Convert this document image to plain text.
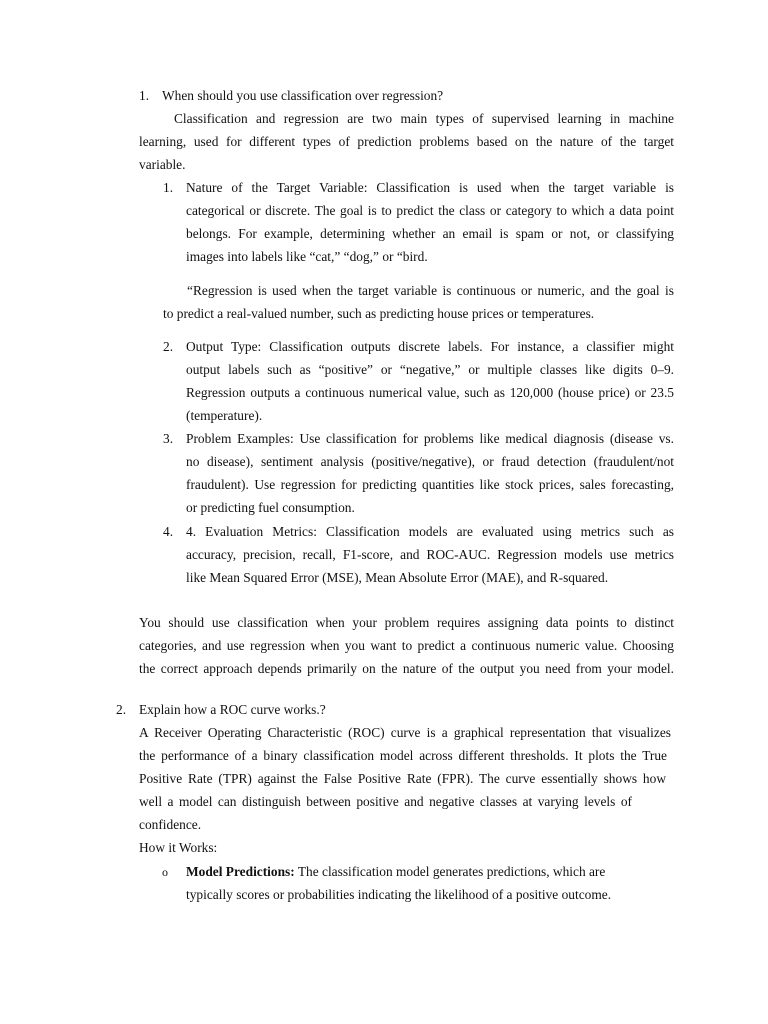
1. When should you use classification over regression?
Classification and regression are two main types of supervised learning in machine
learning, used for different types of prediction problems based on the nature of the target
variable.
1. Nature of the Target Variable: Classification is used when the target variable is
categorical or discrete. The goal is to predict the class or category to which a data point
belongs. For example, determining whether an email is spam or not, or classifying
images into labels like “cat,” “dog,” or “bird.
“Regression is used when the target variable is continuous or numeric, and the goal is
to predict a real-valued number, such as predicting house prices or temperatures.
2. Output Type: Classification outputs discrete labels. For instance, a classifier might
output labels such as “positive” or “negative,” or multiple classes like digits 0–9.
Regression outputs a continuous numerical value, such as 120,000 (house price) or 23.5
(temperature).
3. Problem Examples: Use classification for problems like medical diagnosis (disease vs.
no disease), sentiment analysis (positive/negative), or fraud detection (fraudulent/not
fraudulent). Use regression for predicting quantities like stock prices, sales forecasting,
or predicting fuel consumption.
4. 4. Evaluation Metrics: Classification models are evaluated using metrics such as
accuracy, precision, recall, F1-score, and ROC-AUC. Regression models use metrics
like Mean Squared Error (MSE), Mean Absolute Error (MAE), and R-squared.
You should use classification when your problem requires assigning data points to distinct
categories, and use regression when you want to predict a continuous numeric value. Choosing
the correct approach depends primarily on the nature of the output you need from your model.
2. Explain how a ROC curve works.?
A Receiver Operating Characteristic (ROC) curve is a graphical representation that visualizes
the performance of a binary classification model across different thresholds. It plots the True
Positive Rate (TPR) against the False Positive Rate (FPR). The curve essentially shows how
well a model can distinguish between positive and negative classes at varying levels of
confidence.
How it Works:
o Model Predictions: The classification model generates predictions, which are
typically scores or probabilities indicating the likelihood of a positive outcome.
